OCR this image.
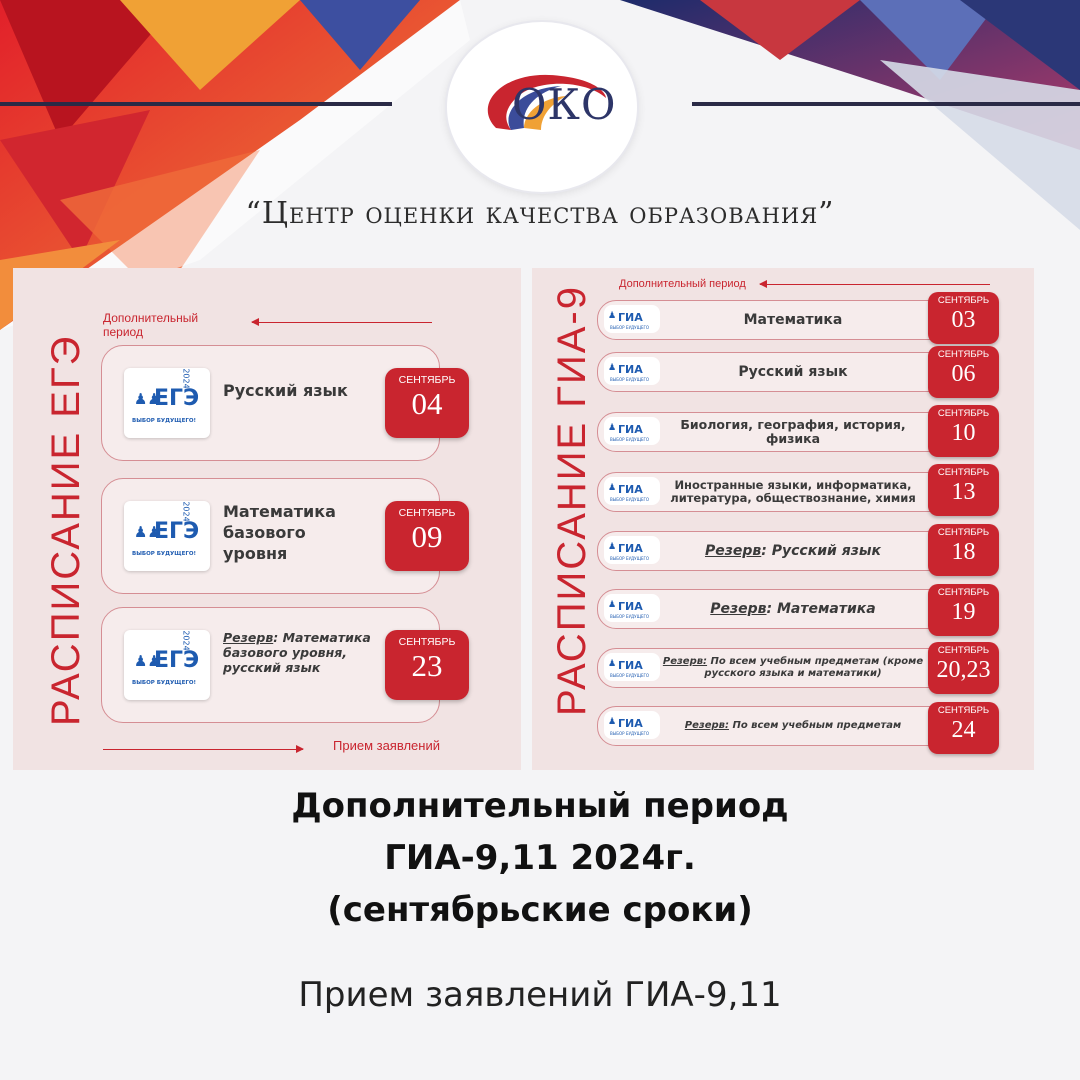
ОКО
“Центр оценки качества образования”
РАСПИСАНИЕ ЕГЭ
Дополнительный период
♟♟
ЕГЭ
2024
ВЫБОР БУДУЩЕГО!
Русский язык
СЕНТЯБРЬ
04
♟♟
ЕГЭ
2024
ВЫБОР БУДУЩЕГО!
Математика базового уровня
СЕНТЯБРЬ
09
♟♟
ЕГЭ
2024
ВЫБОР БУДУЩЕГО!
Резерв: Математика базового уровня, русский язык
СЕНТЯБРЬ
23
Прием заявлений
РАСПИСАНИЕ ГИА-9
Дополнительный период
♟ ГИА
ВЫБОР БУДУЩЕГО	Математика
СЕНТЯБРЬ
03
♟ ГИА
ВЫБОР БУДУЩЕГО	Русский язык
СЕНТЯБРЬ
06
♟ ГИА
ВЫБОР БУДУЩЕГО
Биология, география, история, физика
СЕНТЯБРЬ
10
♟ ГИА
ВЫБОР БУДУЩЕГО
Иностранные языки, информатика, литература, обществознание, химия
СЕНТЯБРЬ
13
♟ ГИА
ВЫБОР БУДУЩЕГО	Резерв: Русский язык
СЕНТЯБРЬ
18
♟ ГИА
ВЫБОР БУДУЩЕГО	Резерв: Математика
СЕНТЯБРЬ
19
♟ ГИА
ВЫБОР БУДУЩЕГО
Резерв: По всем учебным предметам (кроме русского языка и математики)
СЕНТЯБРЬ
20,23
♟ ГИА
ВЫБОР БУДУЩЕГО
Резерв: По всем учебным предметам
СЕНТЯБРЬ
24
Дополнительный период
ГИА-9,11 2024г.
(сентябрьские сроки)
Прием заявлений ГИА-9,11
